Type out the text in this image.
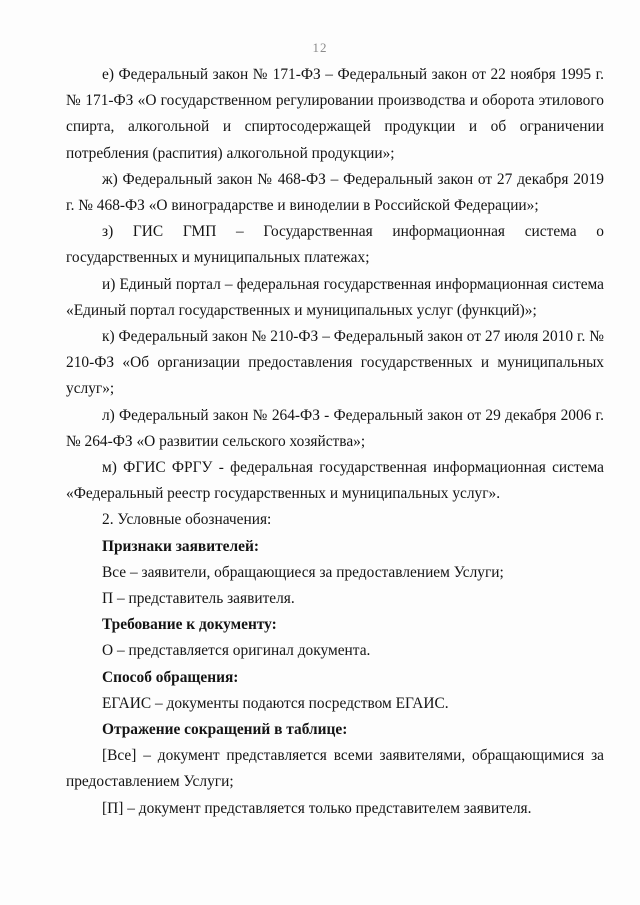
12

е) Федеральный закон № 171-ФЗ – Федеральный закон от 22 ноября 1995 г. № 171-ФЗ «О государственном регулировании производства и оборота этилового спирта, алкогольной и спиртосодержащей продукции и об ограничении потребления (распития) алкогольной продукции»;

ж) Федеральный закон № 468-ФЗ – Федеральный закон от 27 декабря 2019 г. № 468-ФЗ «О виноградарстве и виноделии в Российской Федерации»;

з) ГИС ГМП – Государственная информационная система о государственных и муниципальных платежах;

и) Единый портал – федеральная государственная информационная система «Единый портал государственных и муниципальных услуг (функций)»;

к) Федеральный закон № 210-ФЗ – Федеральный закон от 27 июля 2010 г. № 210-ФЗ «Об организации предоставления государственных и муниципальных услуг»;

л) Федеральный закон № 264-ФЗ - Федеральный закон от 29 декабря 2006 г. № 264-ФЗ «О развитии сельского хозяйства»;

м) ФГИС ФРГУ - федеральная государственная информационная система «Федеральный реестр государственных и муниципальных услуг».

2. Условные обозначения:

Признаки заявителей:

Все – заявители, обращающиеся за предоставлением Услуги;

П – представитель заявителя.

Требование к документу:

О – представляется оригинал документа.

Способ обращения:

ЕГАИС – документы подаются посредством ЕГАИС.

Отражение сокращений в таблице:

[Все] – документ представляется всеми заявителями, обращающимися за предоставлением Услуги;

[П] – документ представляется только представителем заявителя.
